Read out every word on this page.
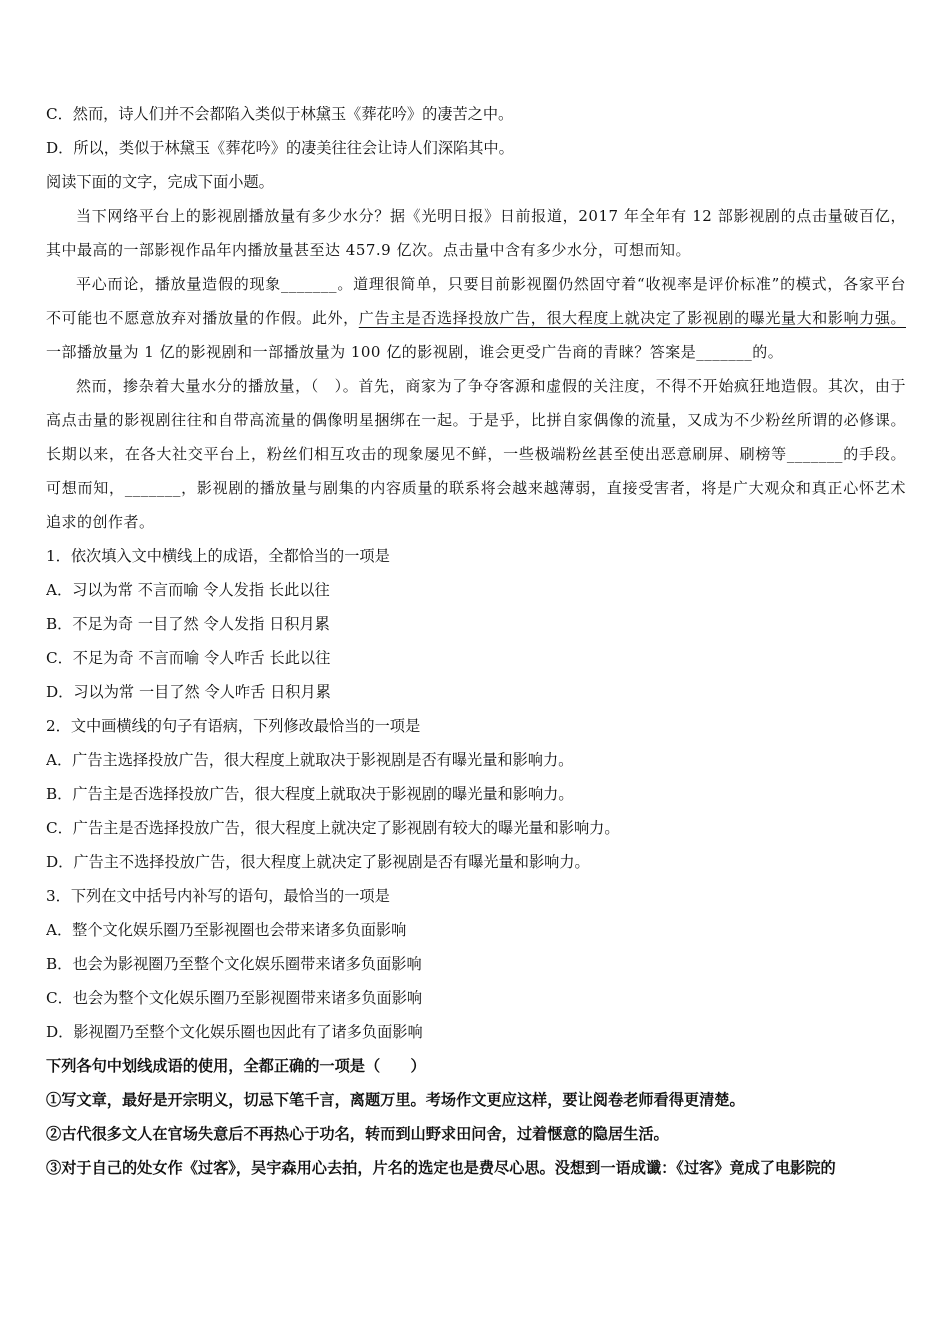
C．然而，诗人们并不会都陷入类似于林黛玉《葬花吟》的凄苦之中。
D．所以，类似于林黛玉《葬花吟》的凄美往往会让诗人们深陷其中。
阅读下面的文字，完成下面小题。
当下网络平台上的影视剧播放量有多少水分？据《光明日报》日前报道，2017 年全年有 12 部影视剧的点击量破百亿，其中最高的一部影视作品年内播放量甚至达 457.9 亿次。点击量中含有多少水分，可想而知。
平心而论，播放量造假的现象_______。道理很简单，只要目前影视圈仍然固守着“收视率是评价标准”的模式，各家平台不可能也不愿意放弃对播放量的作假。此外，广告主是否选择投放广告，很大程度上就决定了影视剧的曝光量大和影响力强。一部播放量为 1 亿的影视剧和一部播放量为 100 亿的影视剧，谁会更受广告商的青睐？答案是_______的。
然而，掺杂着大量水分的播放量，（　）。首先，商家为了争夺客源和虚假的关注度，不得不开始疯狂地造假。其次，由于高点击量的影视剧往往和自带高流量的偶像明星捆绑在一起。于是乎，比拼自家偶像的流量，又成为不少粉丝所谓的必修课。长期以来，在各大社交平台上，粉丝们相互攻击的现象屡见不鲜，一些极端粉丝甚至使出恶意刷屏、刷榜等_______的手段。可想而知，_______，影视剧的播放量与剧集的内容质量的联系将会越来越薄弱，直接受害者，将是广大观众和真正心怀艺术追求的创作者。
1．依次填入文中横线上的成语，全都恰当的一项是
A．习以为常 不言而喻 令人发指 长此以往
B．不足为奇 一目了然 令人发指 日积月累
C．不足为奇 不言而喻 令人咋舌 长此以往
D．习以为常 一目了然 令人咋舌 日积月累
2．文中画横线的句子有语病，下列修改最恰当的一项是
A．广告主选择投放广告，很大程度上就取决于影视剧是否有曝光量和影响力。
B．广告主是否选择投放广告，很大程度上就取决于影视剧的曝光量和影响力。
C．广告主是否选择投放广告，很大程度上就决定了影视剧有较大的曝光量和影响力。
D．广告主不选择投放广告，很大程度上就决定了影视剧是否有曝光量和影响力。
3．下列在文中括号内补写的语句，最恰当的一项是
A．整个文化娱乐圈乃至影视圈也会带来诸多负面影响
B．也会为影视圈乃至整个文化娱乐圈带来诸多负面影响
C．也会为整个文化娱乐圈乃至影视圈带来诸多负面影响
D．影视圈乃至整个文化娱乐圈也因此有了诸多负面影响
下列各句中划线成语的使用，全都正确的一项是（　　）
①写文章，最好是开宗明义，切忌下笔千言，离题万里。考场作文更应这样，要让阅卷老师看得更清楚。
②古代很多文人在官场失意后不再热心于功名，转而到山野求田问舍，过着惬意的隐居生活。
③对于自己的处女作《过客》，吴宇森用心去拍，片名的选定也是费尽心思。没想到一语成谶：《过客》竟成了电影院的
